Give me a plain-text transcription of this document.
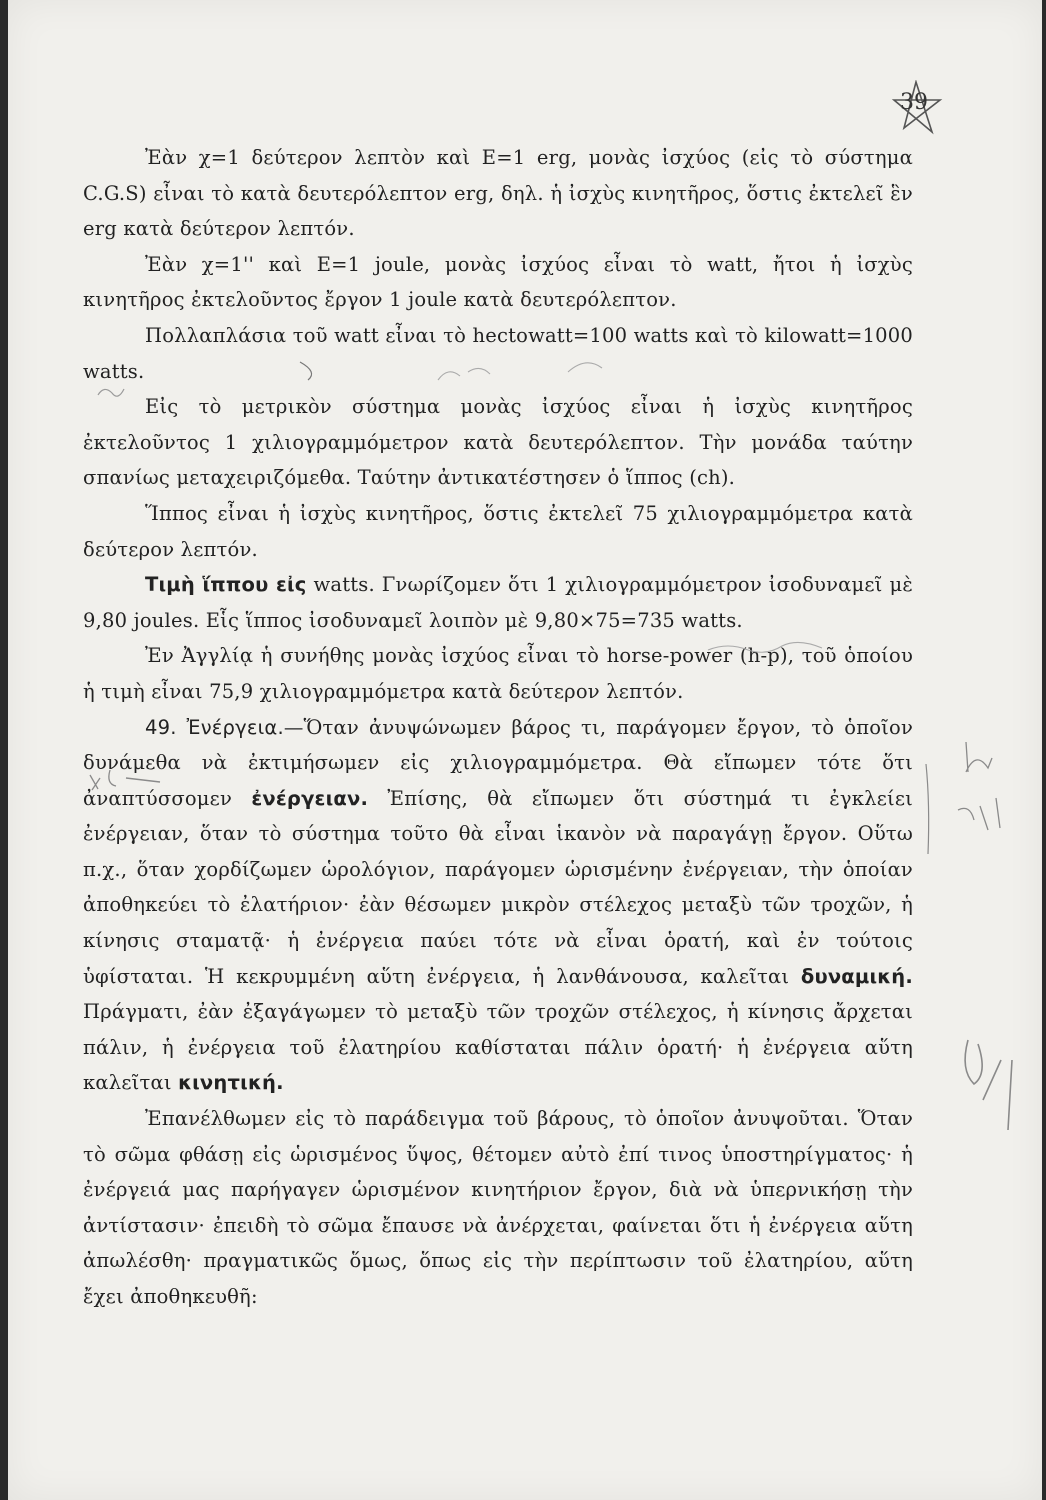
39

Ἐὰν χ=1 δεύτερον λεπτὸν καὶ Ε=1 erg, μονὰς ἰσχύος (εἰς τὸ σύστημα C.G.S) εἶναι τὸ κατὰ δευτερόλεπτον erg, δηλ. ἡ ἰσχὺς κινητῆρος, ὅστις ἐκτελεῖ ἓν erg κατὰ δεύτερον λεπτόν.

Ἐὰν χ=1'' καὶ Ε=1 joule, μονὰς ἰσχύος εἶναι τὸ watt, ἤτοι ἡ ἰσχὺς κινητῆρος ἐκτελοῦντος ἔργον 1 joule κατὰ δευτερόλεπτον.

Πολλαπλάσια τοῦ watt εἶναι τὸ hectowatt=100 watts καὶ τὸ kilowatt=1000 watts.

Εἰς τὸ μετρικὸν σύστημα μονὰς ἰσχύος εἶναι ἡ ἰσχὺς κινητῆρος ἐκτελοῦντος 1 χιλιογραμμόμετρον κατὰ δευτερόλεπτον. Τὴν μονάδα ταύτην σπανίως μεταχειριζόμεθα. Ταύτην ἀντικατέστησεν ὁ ἵππος (ch).

Ἵππος εἶναι ἡ ἰσχὺς κινητῆρος, ὅστις ἐκτελεῖ 75 χιλιογραμμόμετρα κατὰ δεύτερον λεπτόν.

Τιμὴ ἵππου εἰς watts. Γνωρίζομεν ὅτι 1 χιλιογραμμόμετρον ἰσοδυναμεῖ μὲ 9,80 joules. Εἷς ἵππος ἰσοδυναμεῖ λοιπὸν μὲ 9,80×75=735 watts.

Ἐν Ἀγγλίᾳ ἡ συνήθης μονὰς ἰσχύος εἶναι τὸ horse-power (h-p), τοῦ ὁποίου ἡ τιμὴ εἶναι 75,9 χιλιογραμμόμετρα κατὰ δεύτερον λεπτόν.

49. Ἐνέργεια.—Ὅταν ἀνυψώνωμεν βάρος τι, παράγομεν ἔργον, τὸ ὁποῖον δυνάμεθα νὰ ἐκτιμήσωμεν εἰς χιλιογραμμόμετρα. Θὰ εἴπωμεν τότε ὅτι ἀναπτύσσομεν ἐνέργειαν. Ἐπίσης, θὰ εἴπωμεν ὅτι σύστημά τι ἐγκλείει ἐνέργειαν, ὅταν τὸ σύστημα τοῦτο θὰ εἶναι ἱκανὸν νὰ παραγάγῃ ἔργον. Οὕτω π.χ., ὅταν χορδίζωμεν ὡρολόγιον, παράγομεν ὡρισμένην ἐνέργειαν, τὴν ὁποίαν ἀποθηκεύει τὸ ἐλατήριον· ἐὰν θέσωμεν μικρὸν στέλεχος μεταξὺ τῶν τροχῶν, ἡ κίνησις σταματᾷ· ἡ ἐνέργεια παύει τότε νὰ εἶναι ὁρατή, καὶ ἐν τούτοις ὑφίσταται. Ἡ κεκρυμμένη αὕτη ἐνέργεια, ἡ λανθάνουσα, καλεῖται δυναμική. Πράγματι, ἐὰν ἐξαγάγωμεν τὸ μεταξὺ τῶν τροχῶν στέλεχος, ἡ κίνησις ἄρχεται πάλιν, ἡ ἐνέργεια τοῦ ἐλατηρίου καθίσταται πάλιν ὁρατή· ἡ ἐνέργεια αὕτη καλεῖται κινητική.

Ἐπανέλθωμεν εἰς τὸ παράδειγμα τοῦ βάρους, τὸ ὁποῖον ἀνυψοῦται. Ὅταν τὸ σῶμα φθάσῃ εἰς ὡρισμένος ὕψος, θέτομεν αὐτὸ ἐπί τινος ὑποστηρίγματος· ἡ ἐνέργειά μας παρήγαγεν ὡρισμένον κινητήριον ἔργον, διὰ νὰ ὑπερνικήσῃ τὴν ἀντίστασιν· ἐπειδὴ τὸ σῶμα ἔπαυσε νὰ ἀνέρχεται, φαίνεται ὅτι ἡ ἐνέργεια αὕτη ἀπωλέσθη· πραγματικῶς ὅμως, ὅπως εἰς τὴν περίπτωσιν τοῦ ἐλατηρίου, αὕτη ἔχει ἀποθηκευθῆ:
